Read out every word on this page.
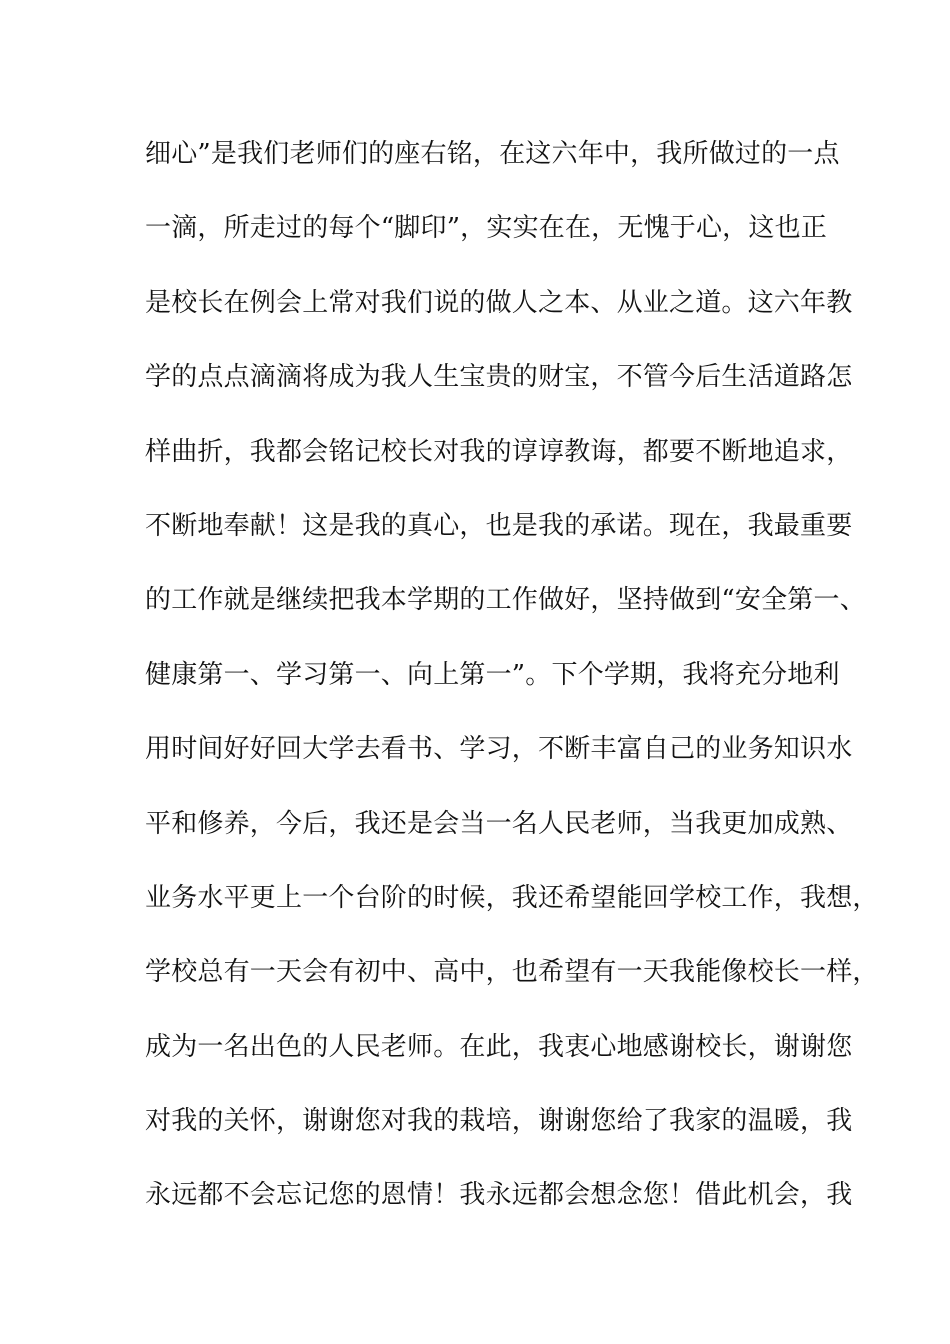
细心”是我们老师们的座右铭，在这六年中，我所做过的一点
一滴，所走过的每个“脚印”，实实在在，无愧于心，这也正
是校长在例会上常对我们说的做人之本、从业之道。这六年教
学的点点滴滴将成为我人生宝贵的财宝，不管今后生活道路怎
样曲折，我都会铭记校长对我的谆谆教诲，都要不断地追求，
不断地奉献！这是我的真心，也是我的承诺。现在，我最重要
的工作就是继续把我本学期的工作做好，坚持做到“安全第一、
健康第一、学习第一、向上第一”。下个学期，我将充分地利
用时间好好回大学去看书、学习，不断丰富自己的业务知识水
平和修养，今后，我还是会当一名人民老师，当我更加成熟、
业务水平更上一个台阶的时候，我还希望能回学校工作，我想，
学校总有一天会有初中、高中，也希望有一天我能像校长一样，
成为一名出色的人民老师。在此，我衷心地感谢校长，谢谢您
对我的关怀，谢谢您对我的栽培，谢谢您给了我家的温暖，我
永远都不会忘记您的恩情！我永远都会想念您！借此机会，我
